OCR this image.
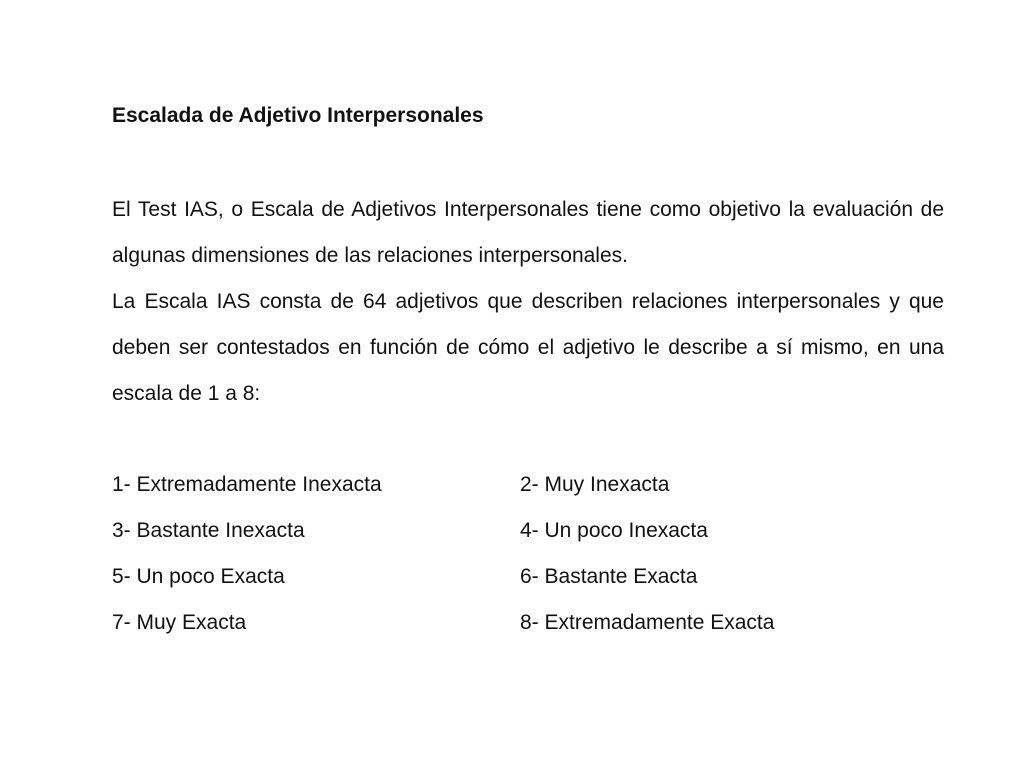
Escalada de Adjetivo Interpersonales

El Test IAS, o Escala de Adjetivos Interpersonales tiene como objetivo la evaluación de algunas dimensiones de las relaciones interpersonales.

La Escala IAS consta de 64 adjetivos que describen relaciones interpersonales y que deben ser contestados en función de cómo el adjetivo le describe a sí mismo, en una escala de 1 a 8:

1- Extremadamente Inexacta	2- Muy Inexacta
3- Bastante Inexacta	4- Un poco Inexacta
5- Un poco Exacta	6- Bastante Exacta
7- Muy Exacta	8- Extremadamente Exacta
